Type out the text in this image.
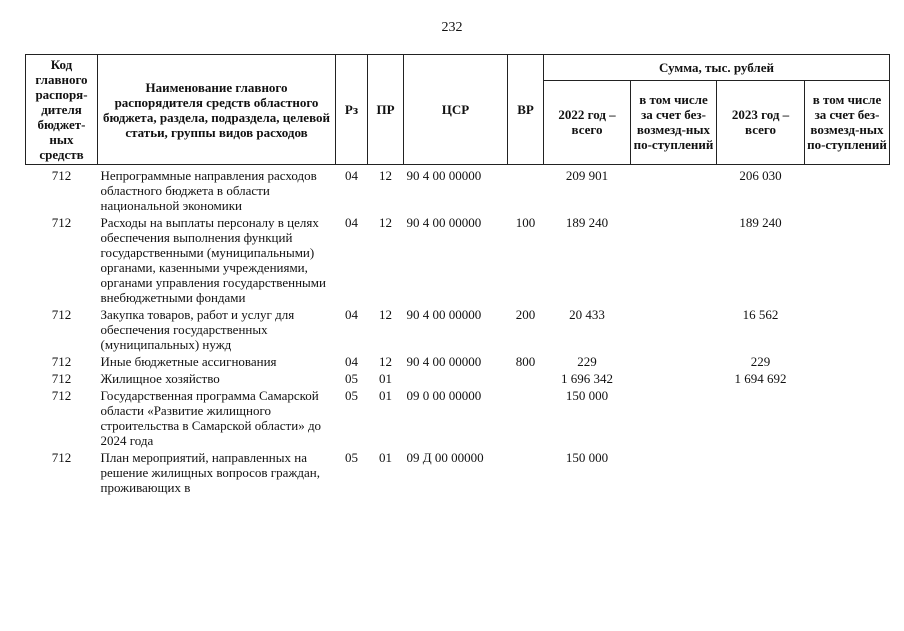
232
Код главного распоря-дителя бюджет-ных средств	Наименование главного распорядителя средств областного бюджета, раздела, подраздела, целевой статьи, группы видов расходов	Рз	ПР	ЦСР	ВР	Сумма, тыс. рублей			
						2022 год – всего	в том числе за счет без-возмезд-ных по-ступлений	2023 год – всего	в том числе за счет без-возмезд-ных по-ступлений
712	Непрограммные направления расходов областного бюджета в области национальной экономики	04	12	90 4 00 00000		209 901		206 030	
712	Расходы на выплаты персоналу в целях обеспечения выполнения функций государственными (муниципальными) органами, казенными учреждениями, органами управления государственными внебюджетными фондами	04	12	90 4 00 00000	100	189 240		189 240	
712	Закупка товаров, работ и услуг для обеспечения государственных (муниципальных) нужд	04	12	90 4 00 00000	200	20 433		16 562	
712	Иные бюджетные ассигнования	04	12	90 4 00 00000	800	229		229	
712	Жилищное хозяйство	05	01			1 696 342		1 694 692	
712	Государственная программа Самарской области «Развитие жилищного строительства в Самарской области» до 2024 года	05	01	09 0 00 00000		150 000			
712	План мероприятий, направленных на решение жилищных вопросов граждан, проживающих в	05	01	09 Д 00 00000		150 000			
